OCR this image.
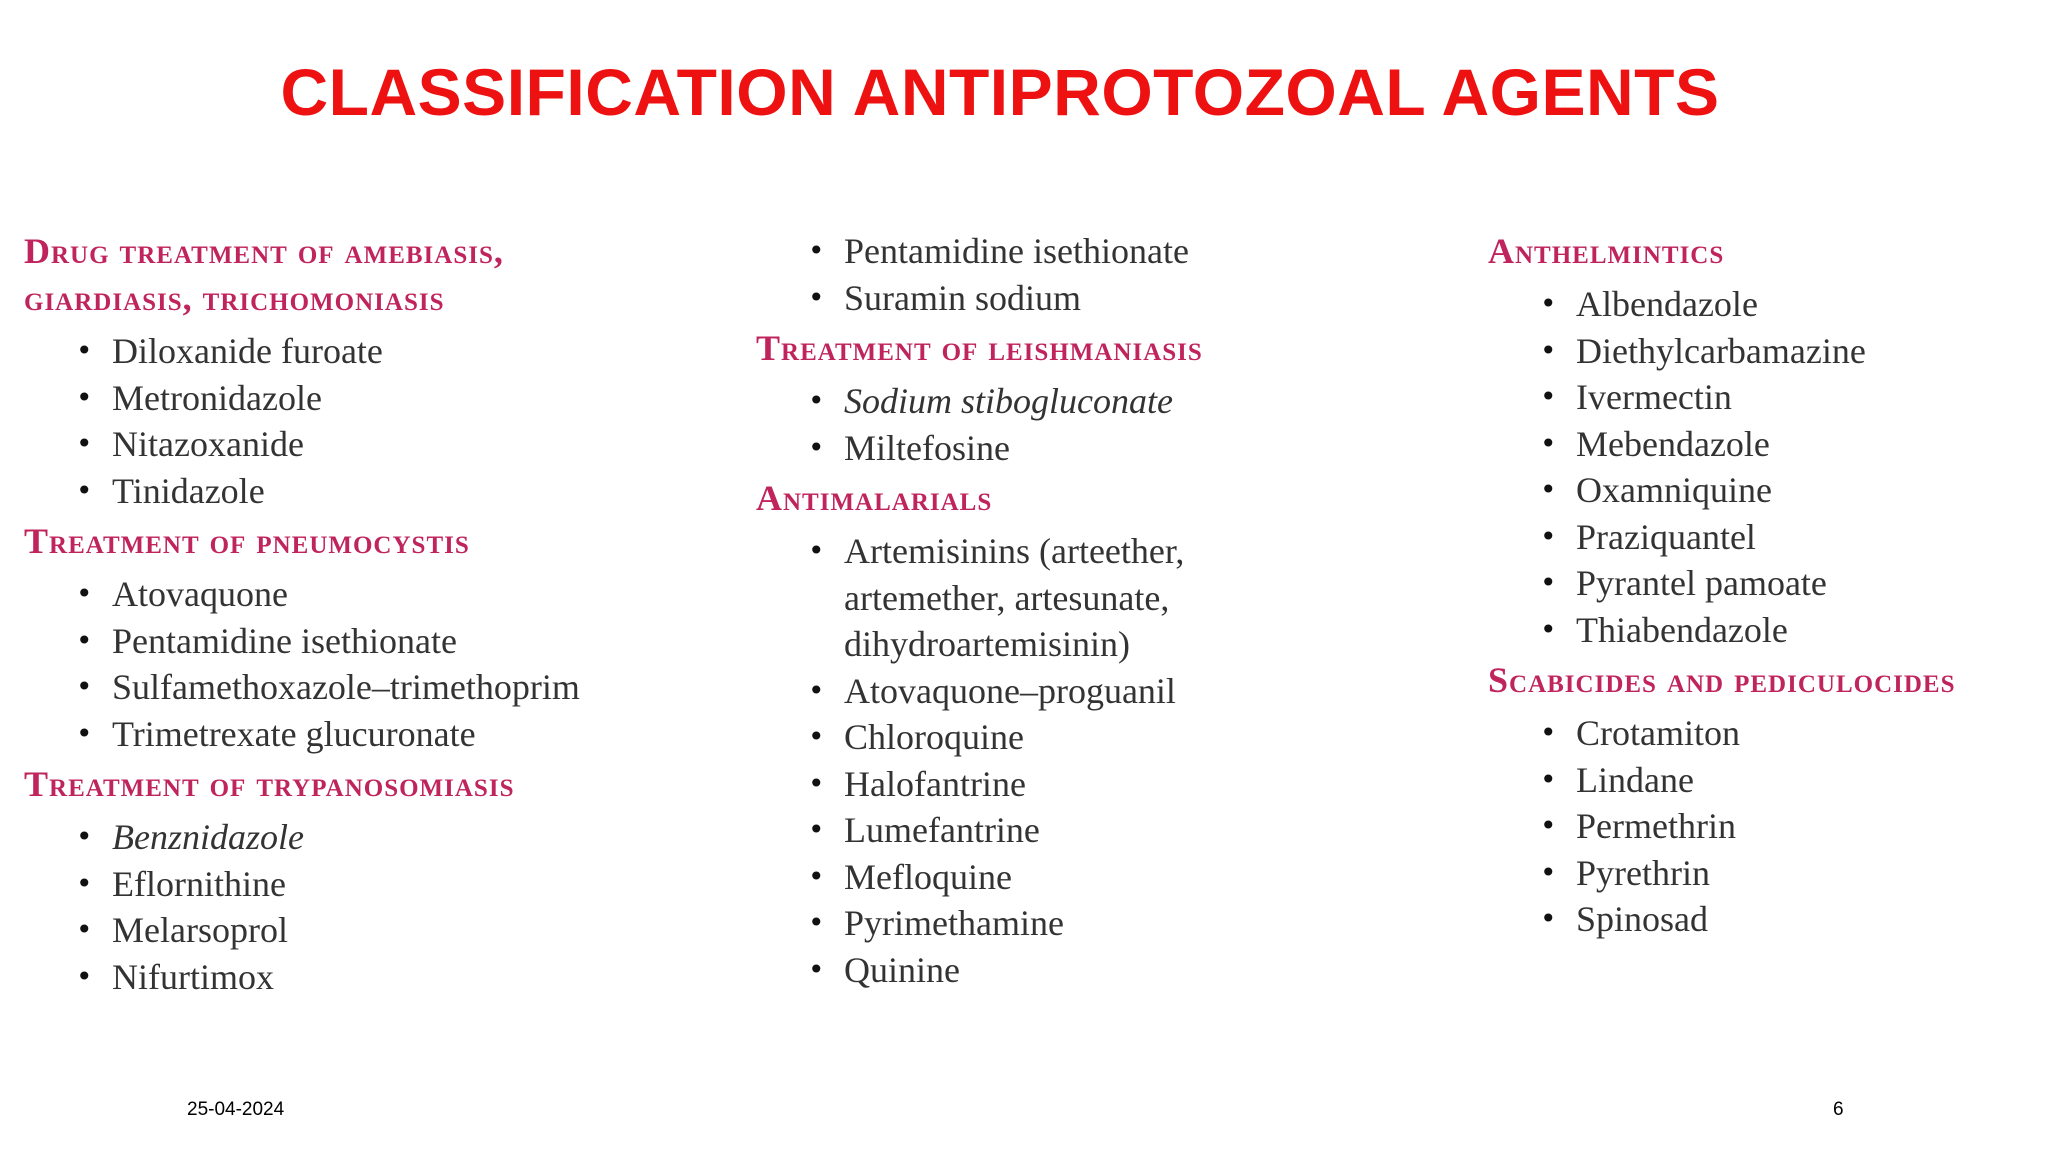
CLASSIFICATION ANTIPROTOZOAL AGENTS
Drug treatment of amebiasis, giardiasis, trichomoniasis
• Diloxanide furoate
• Metronidazole
• Nitazoxanide
• Tinidazole
Treatment of pneumocystis
• Atovaquone
• Pentamidine isethionate
• Sulfamethoxazole–trimethoprim
• Trimetrexate glucuronate
Treatment of trypanosomiasis
• Benznidazole
• Eflornithine
• Melarsoprol
• Nifurtimox
• Pentamidine isethionate
• Suramin sodium
Treatment of leishmaniasis
• Sodium stibogluconate
• Miltefosine
Antimalarials
• Artemisinins (arteether, artemether, artesunate, dihydroartemisinin)
• Atovaquone–proguanil
• Chloroquine
• Halofantrine
• Lumefantrine
• Mefloquine
• Pyrimethamine
• Quinine
Anthelmintics
• Albendazole
• Diethylcarbamazine
• Ivermectin
• Mebendazole
• Oxamniquine
• Praziquantel
• Pyrantel pamoate
• Thiabendazole
Scabicides and pediculocides
• Crotamiton
• Lindane
• Permethrin
• Pyrethrin
• Spinosad
25-04-2024	6
